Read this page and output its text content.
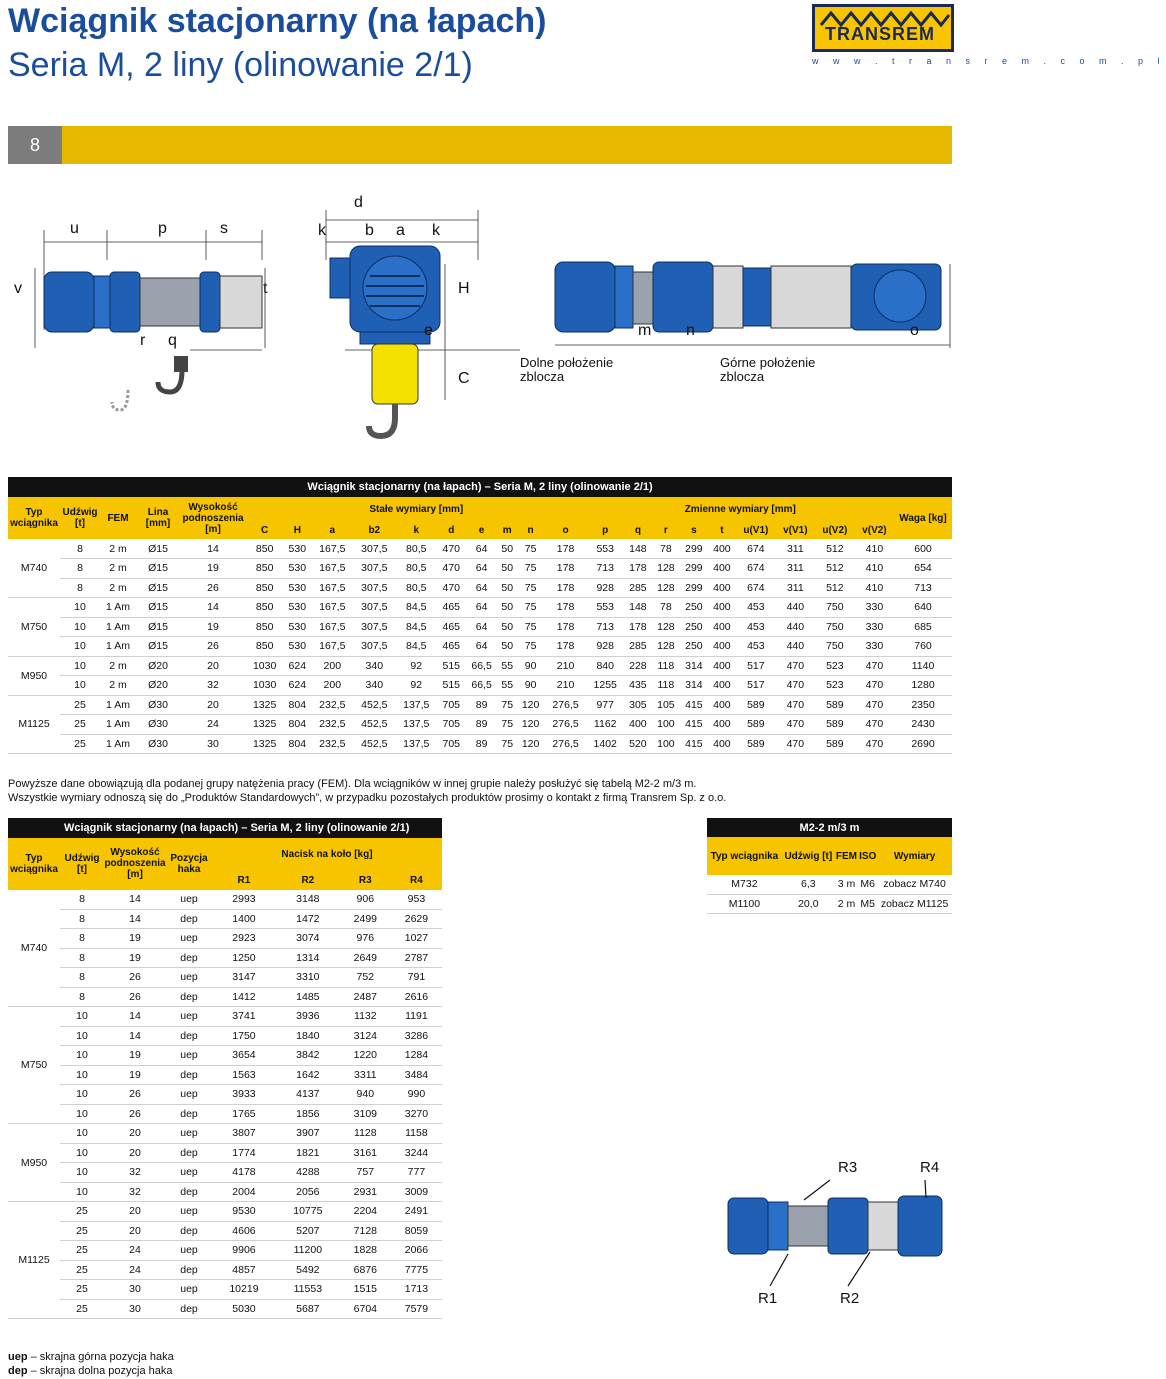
Wciągnik stacjonarny (na łapach)
Seria M, 2 liny (olinowanie 2/1)
TRANSREM
w w w . t r a n s r e m . c o m . p l
8
u	p	s
d
k b a k
v	t	H
r q
e	m n	o
C
Dolne położenie zblocza
Górne położenie zblocza
Wciągnik stacjonarny (na łapach) – Seria M, 2 liny (olinowanie 2/1)																								
Typ wciągnika	Udźwig [t]	FEM	Lina [mm]	Wysokość podnoszenia [m]	Stałe wymiary [mm]										Zmienne wymiary [mm]									Waga [kg]
					C	H	a	b2	k	d	e	m	n	o	p	q	r	s	t	u(V1)	v(V1)	u(V2)	v(V2)	
M740	8	2 m	Ø15	14	850	530	167,5	307,5	80,5	470	64	50	75	178	553	148	78	299	400	674	311	512	410	600
	8	2 m	Ø15	19	850	530	167,5	307,5	80,5	470	64	50	75	178	713	178	128	299	400	674	311	512	410	654
	8	2 m	Ø15	26	850	530	167,5	307,5	80,5	470	64	50	75	178	928	285	128	299	400	674	311	512	410	713
M750	10	1 Am	Ø15	14	850	530	167,5	307,5	84,5	465	64	50	75	178	553	148	78	250	400	453	440	750	330	640
	10	1 Am	Ø15	19	850	530	167,5	307,5	84,5	465	64	50	75	178	713	178	128	250	400	453	440	750	330	685
	10	1 Am	Ø15	26	850	530	167,5	307,5	84,5	465	64	50	75	178	928	285	128	250	400	453	440	750	330	760
M950	10	2 m	Ø20	20	1030	624	200	340	92	515	66,5	55	90	210	840	228	118	314	400	517	470	523	470	1140
	10	2 m	Ø20	32	1030	624	200	340	92	515	66,5	55	90	210	1255	435	118	314	400	517	470	523	470	1280
M1125	25	1 Am	Ø30	20	1325	804	232,5	452,5	137,5	705	89	75	120	276,5	977	305	105	415	400	589	470	589	470	2350
	25	1 Am	Ø30	24	1325	804	232,5	452,5	137,5	705	89	75	120	276,5	1162	400	100	415	400	589	470	589	470	2430
	25	1 Am	Ø30	30	1325	804	232,5	452,5	137,5	705	89	75	120	276,5	1402	520	100	415	400	589	470	589	470	2690
Powyższe dane obowiązują dla podanej grupy natężenia pracy (FEM). Dla wciągników w innej grupie należy posłużyć się tabelą M2-2 m/3 m.
Wszystkie wymiary odnoszą się do „Produktów Standardowych”, w przypadku pozostałych produktów prosimy o kontakt z firmą Transrem Sp. z o.o.
Wciągnik stacjonarny (na łapach) – Seria M, 2 liny (olinowanie 2/1)							
Typ wciągnika	Udźwig [t]	Wysokość podnoszenia [m]	Pozycja haka	Nacisk na koło [kg]			
				R1	R2	R3	R4
M740	8	14	uep	2993	3148	906	953
	8	14	dep	1400	1472	2499	2629
	8	19	uep	2923	3074	976	1027
	8	19	dep	1250	1314	2649	2787
	8	26	uep	3147	3310	752	791
	8	26	dep	1412	1485	2487	2616
M750	10	14	uep	3741	3936	1132	1191
	10	14	dep	1750	1840	3124	3286
	10	19	uep	3654	3842	1220	1284
	10	19	dep	1563	1642	3311	3484
	10	26	uep	3933	4137	940	990
	10	26	dep	1765	1856	3109	3270
M950	10	20	uep	3807	3907	1128	1158
	10	20	dep	1774	1821	3161	3244
	10	32	uep	4178	4288	757	777
	10	32	dep	2004	2056	2931	3009
M1125	25	20	uep	9530	10775	2204	2491
	25	20	dep	4606	5207	7128	8059
	25	24	uep	9906	11200	1828	2066
	25	24	dep	4857	5492	6876	7775
	25	30	uep	10219	11553	1515	1713
	25	30	dep	5030	5687	6704	7579
M2-2 m/3 m				
Typ wciągnika	Udźwig [t]	FEM	ISO	Wymiary
M732	6,3	3 m	M6	zobacz M740
M1100	20,0	2 m	M5	zobacz M1125
R3	R4
R1	R2
uep – skrajna górna pozycja haka
dep – skrajna dolna pozycja haka
